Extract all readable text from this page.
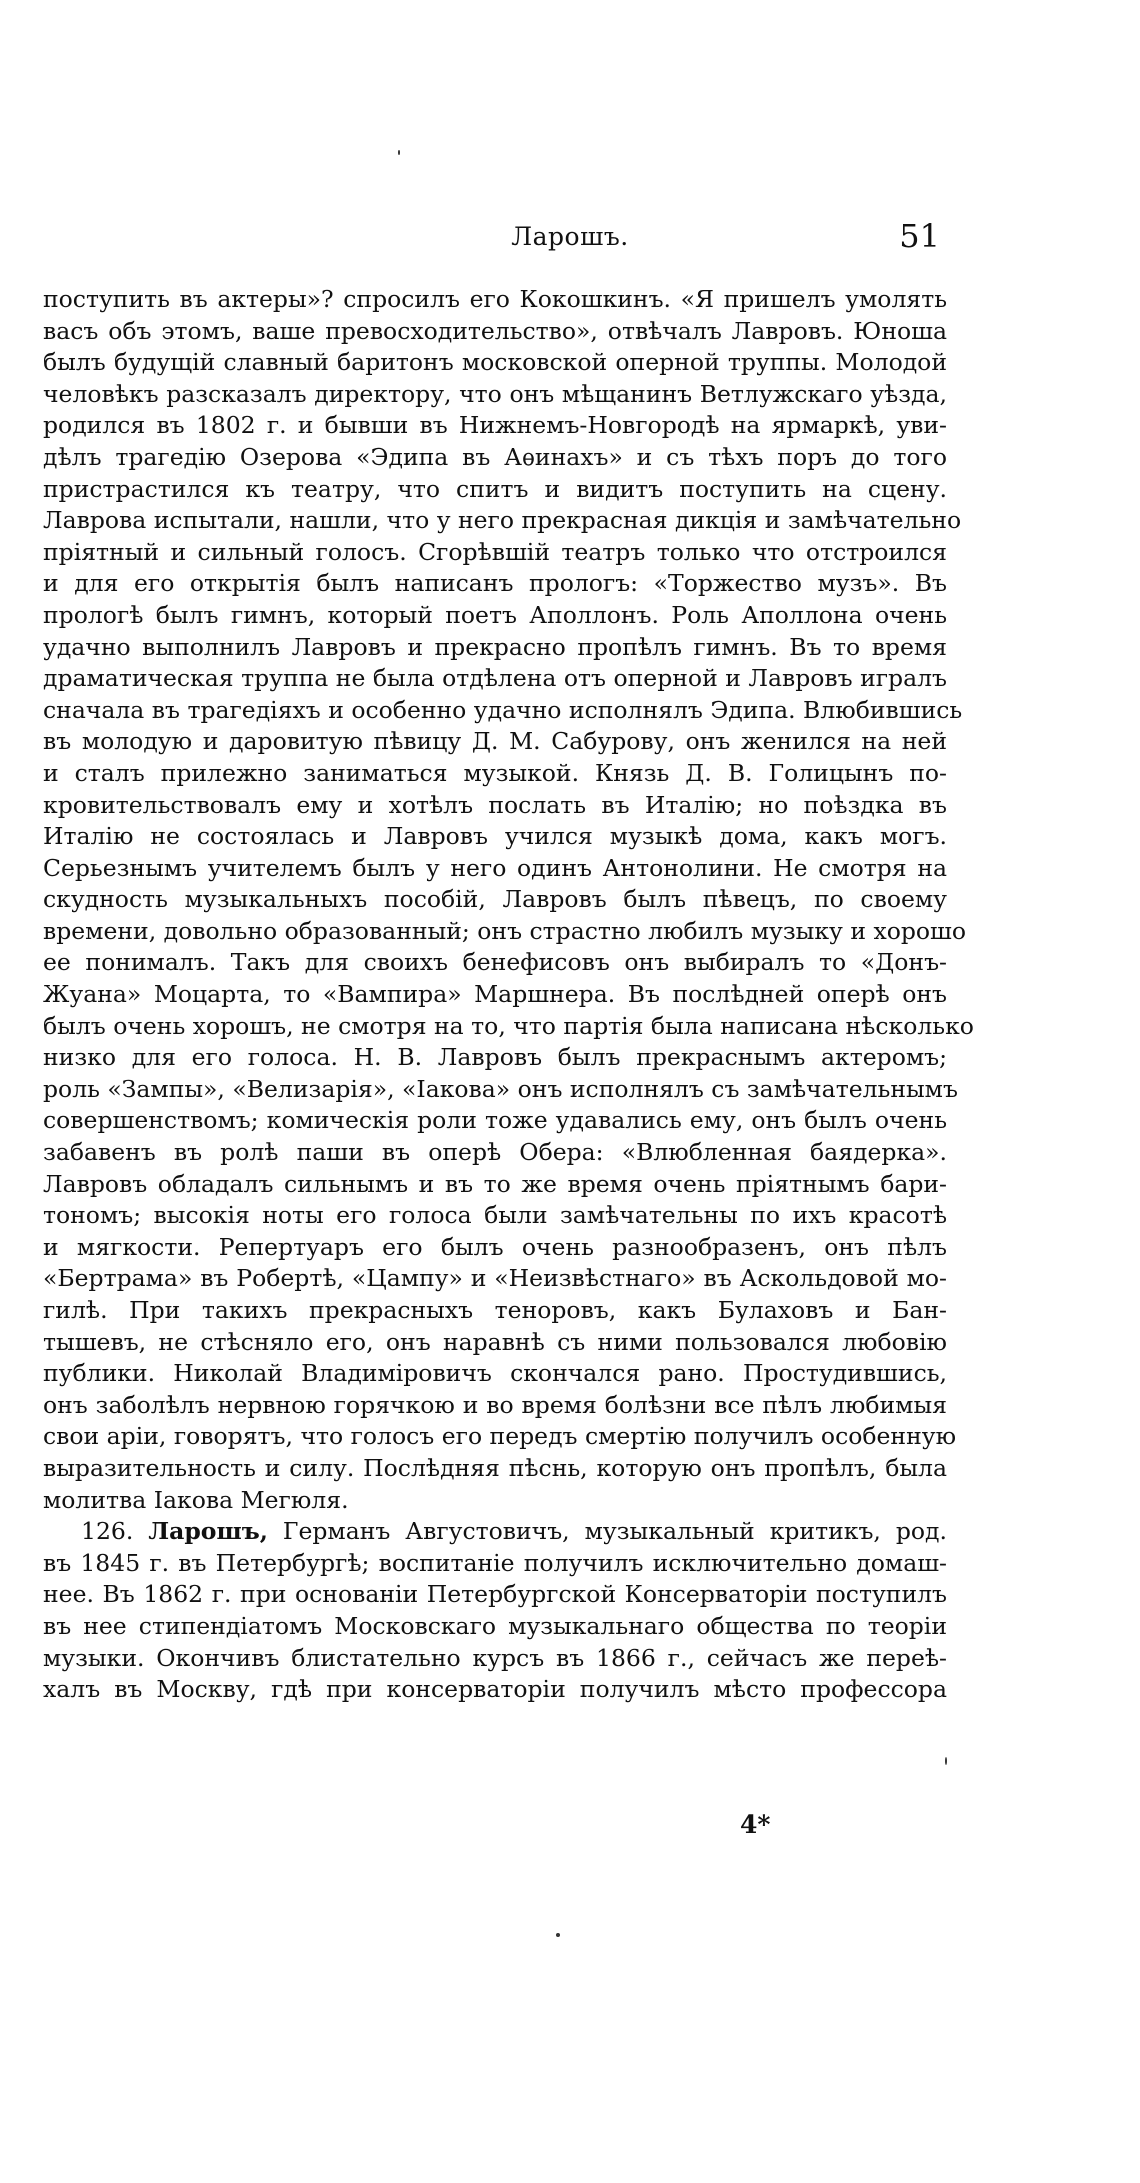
Ларошъ.	51
поступить въ актеры»? спросилъ его Кокошкинъ. «Я пришелъ умолять
васъ объ этомъ, ваше превосходительство», отвѣчалъ Лавровъ. Юноша
былъ будущій славный баритонъ московской оперной труппы. Молодой
человѣкъ разсказалъ директору, что онъ мѣщанинъ Ветлужскаго уѣзда,
родился въ 1802 г. и бывши въ Нижнемъ-Новгородѣ на ярмаркѣ, уви-
дѣлъ трагедію Озерова «Эдипа въ Аѳинахъ» и съ тѣхъ поръ до того
пристрастился къ театру, что спитъ и видитъ поступить на сцену.
Лаврова испытали, нашли, что у него прекрасная дикція и замѣчательно
пріятный и сильный голосъ. Сгорѣвшій театръ только что отстроился
и для его открытія былъ написанъ прологъ: «Торжество музъ». Въ
прологѣ былъ гимнъ, который поетъ Аполлонъ. Роль Аполлона очень
удачно выполнилъ Лавровъ и прекрасно пропѣлъ гимнъ. Въ то время
драматическая труппа не была отдѣлена отъ оперной и Лавровъ игралъ
сначала въ трагедіяхъ и особенно удачно исполнялъ Эдипа. Влюбившись
въ молодую и даровитую пѣвицу Д. М. Сабурову, онъ женился на ней
и сталъ прилежно заниматься музыкой. Князь Д. В. Голицынъ по-
кровительствовалъ ему и хотѣлъ послать въ Италію; но поѣздка въ
Италію не состоялась и Лавровъ учился музыкѣ дома, какъ могъ.
Серьезнымъ учителемъ былъ у него одинъ Антонолини. Не смотря на
скудность музыкальныхъ пособій, Лавровъ былъ пѣвецъ, по своему
времени, довольно образованный; онъ страстно любилъ музыку и хорошо
ее понималъ. Такъ для своихъ бенефисовъ онъ выбиралъ то «Донъ-
Жуана» Моцарта, то «Вампира» Маршнера. Въ послѣдней оперѣ онъ
былъ очень хорошъ, не смотря на то, что партія была написана нѣсколько
низко для его голоса. Н. В. Лавровъ былъ прекраснымъ актеромъ;
роль «Зампы», «Велизарія», «Іакова» онъ исполнялъ съ замѣчательнымъ
совершенствомъ; комическія роли тоже удавались ему, онъ былъ очень
забавенъ въ ролѣ паши въ оперѣ Обера: «Влюбленная баядерка».
Лавровъ обладалъ сильнымъ и въ то же время очень пріятнымъ бари-
тономъ; высокія ноты его голоса были замѣчательны по ихъ красотѣ
и мягкости. Репертуаръ его былъ очень разнообразенъ, онъ пѣлъ
«Бертрама» въ Робертѣ, «Цампу» и «Неизвѣстнаго» въ Аскольдовой мо-
гилѣ. При такихъ прекрасныхъ теноровъ, какъ Булаховъ и Бан-
тышевъ, не стѣсняло его, онъ наравнѣ съ ними пользовался любовію
публики. Николай Владиміровичъ скончался рано. Простудившись,
онъ заболѣлъ нервною горячкою и во время болѣзни все пѣлъ любимыя
свои аріи, говорятъ, что голосъ его передъ смертію получилъ особенную
выразительность и силу. Послѣдняя пѣснь, которую онъ пропѣлъ, была
молитва Іакова Мегюля.
126. Ларошъ, Германъ Августовичъ, музыкальный критикъ, род.
въ 1845 г. въ Петербургѣ; воспитаніе получилъ исключительно домаш-
нее. Въ 1862 г. при основаніи Петербургской Консерваторіи поступилъ
въ нее стипендіатомъ Московскаго музыкальнаго общества по теоріи
музыки. Окончивъ блистательно курсъ въ 1866 г., сейчасъ же переѣ-
халъ въ Москву, гдѣ при консерваторіи получилъ мѣсто профессора
4*
